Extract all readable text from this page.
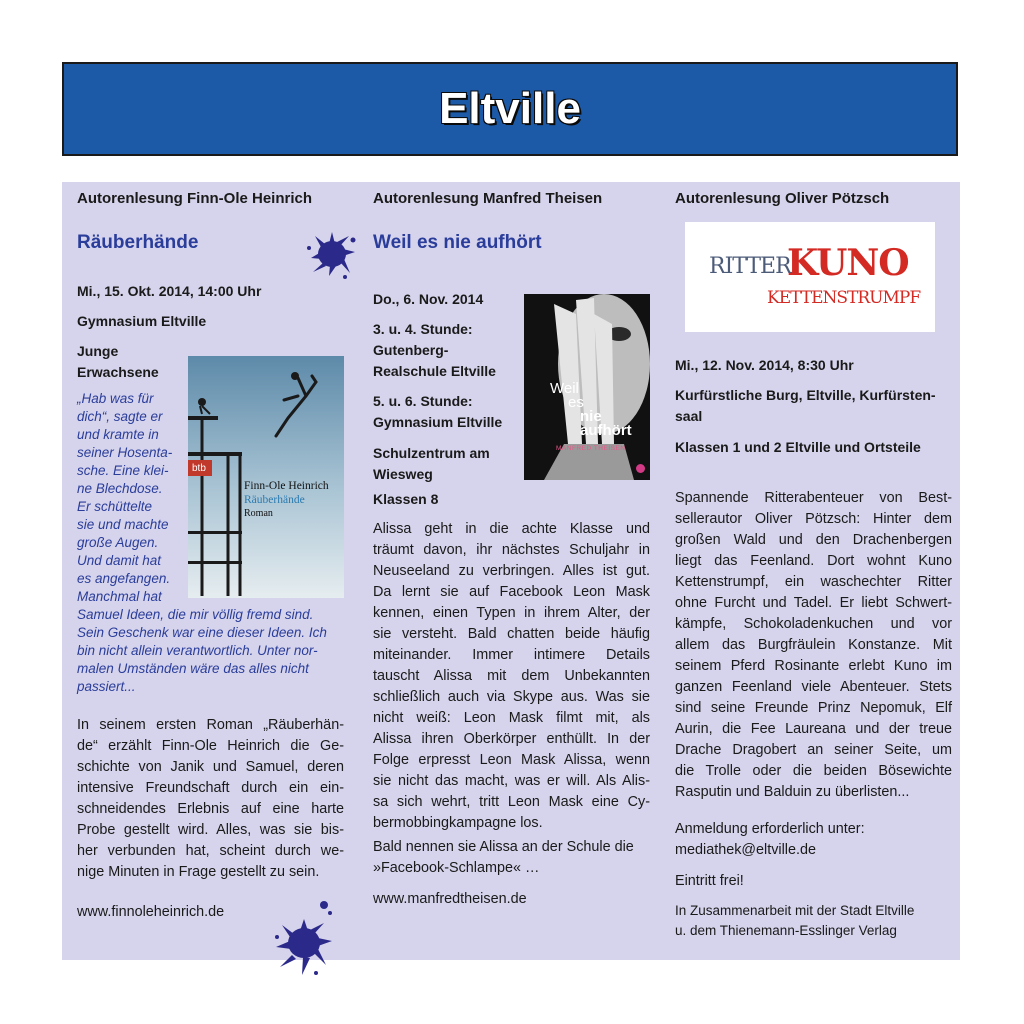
Eltville
Autorenlesung Finn-Ole Heinrich
Räuberhände
Mi., 15. Okt. 2014, 14:00 Uhr
Gymnasium Eltville
Junge
Erwachsene
„Hab was für
dich“, sagte er
und kramte in
seiner Hosenta-
sche. Eine klei-
ne Blechdose.
Er schüttelte
sie und machte
große Augen.
Und damit hat
es angefangen.
Manchmal hat
Samuel Ideen, die mir völlig fremd sind.
Sein Geschenk war eine dieser Ideen. Ich
bin nicht allein verantwortlich. Unter nor-
malen Umständen wäre das alles nicht
passiert...
btb
Finn-Ole Heinrich
Räuberhände
Roman
In seinem ersten Roman „Räuberhän-
de“ erzählt Finn-Ole Heinrich die Ge-
schichte von Janik und Samuel, deren
intensive Freundschaft durch ein ein-
schneidendes Erlebnis auf eine harte
Probe gestellt wird. Alles, was sie bis-
her verbunden hat, scheint durch we-
nige Minuten in Frage gestellt zu sein.
www.finnoleheinrich.de
Autorenlesung Manfred Theisen
Weil es nie aufhört
Do., 6. Nov. 2014
3. u. 4. Stunde:
Gutenberg-
Realschule Eltville
5. u. 6. Stunde:
Gymnasium Eltville
Schulzentrum am
Wiesweg
Klassen 8
Weil
es
nie
aufhört
MANFRED THEISEN
Alissa geht in die achte Klasse und
träumt davon, ihr nächstes Schuljahr in
Neuseeland zu verbringen. Alles ist gut.
Da lernt sie auf Facebook Leon Mask
kennen, einen Typen in ihrem Alter, der
sie versteht. Bald chatten beide häufig
miteinander. Immer intimere Details
tauscht Alissa mit dem Unbekannten
schließlich auch via Skype aus. Was sie
nicht weiß: Leon Mask filmt mit, als
Alissa ihren Oberkörper enthüllt. In der
Folge erpresst Leon Mask Alissa, wenn
sie nicht das macht, was er will. Als Alis-
sa sich wehrt, tritt Leon Mask eine Cy-
bermobbingkampagne los.
Bald nennen sie Alissa an der Schule die
»Facebook-Schlampe« …
www.manfredtheisen.de
Autorenlesung Oliver Pötzsch
RITTER
KUNO
KETTENSTRUMPF
Mi., 12. Nov. 2014, 8:30 Uhr
Kurfürstliche Burg, Eltville, Kurfürsten-
saal
Klassen 1 und 2 Eltville und Ortsteile
Spannende Ritterabenteuer von Best-
sellerautor Oliver Pötzsch: Hinter dem
großen Wald und den Drachenbergen
liegt das Feenland. Dort wohnt Kuno
Kettenstrumpf, ein waschechter Ritter
ohne Furcht und Tadel. Er liebt Schwert-
kämpfe, Schokoladenkuchen und vor
allem das Burgfräulein Konstanze. Mit
seinem Pferd Rosinante erlebt Kuno im
ganzen Feenland viele Abenteuer. Stets
sind seine Freunde Prinz Nepomuk, Elf
Aurin, die Fee Laureana und der treue
Drache Dragobert an seiner Seite, um
die Trolle oder die beiden Bösewichte
Rasputin und Balduin zu überlisten...
Anmeldung erforderlich unter:
mediathek@eltville.de
Eintritt frei!
In Zusammenarbeit mit der Stadt Eltville
u. dem Thienemann-Esslinger Verlag
